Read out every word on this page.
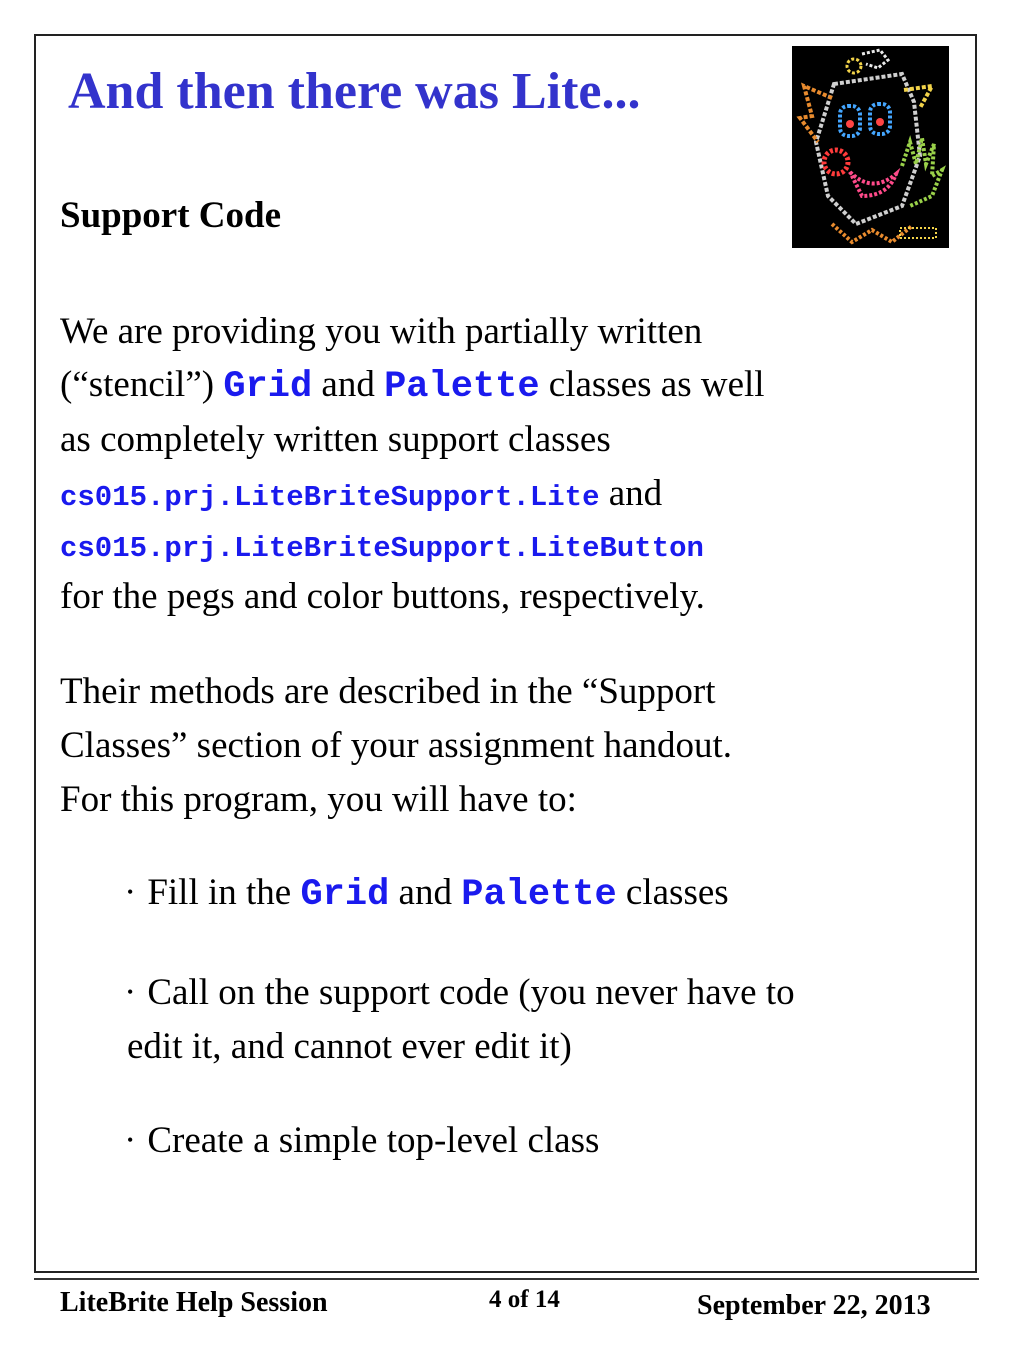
And then there was Lite...
Support Code

We are providing you with partially written

(“stencil”) Grid and Palette classes as well

as completely written support classes

cs015.prj.LiteBriteSupport.Lite and

cs015.prj.LiteBriteSupport.LiteButton

for the pegs and color buttons, respectively.

Their methods are described in the “Support

Classes” section of your assignment handout.

For this program, you will have to:

• Fill in the Grid and Palette classes

• Call on the support code (you never have to

edit it, and cannot ever edit it)

• Create a simple top-level class

LiteBrite Help Session	4 of 14	September 22, 2013
